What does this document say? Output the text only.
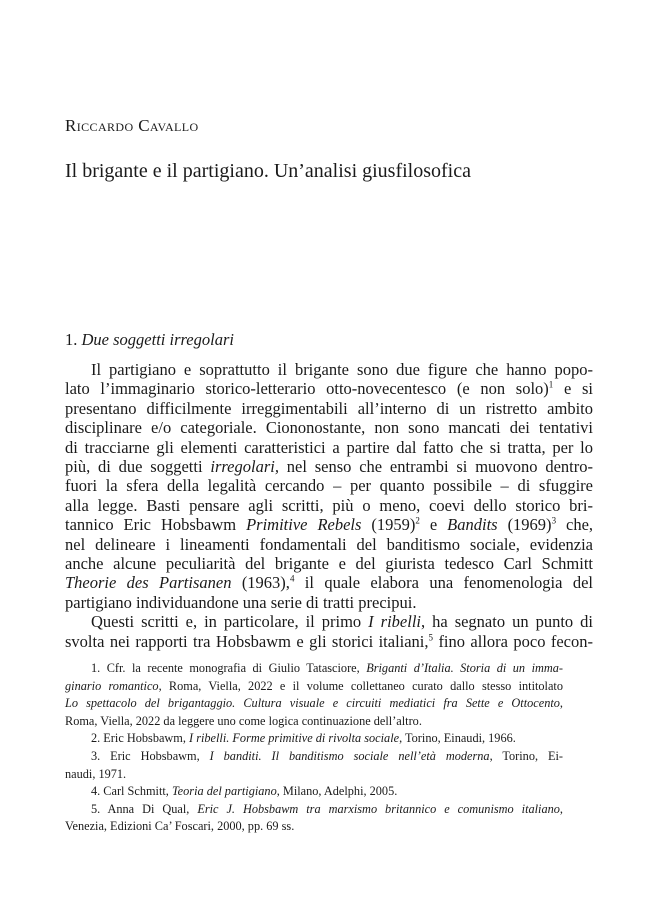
Riccardo Cavallo
Il brigante e il partigiano. Un’analisi giusfilosofica
1. Due soggetti irregolari
Il partigiano e soprattutto il brigante sono due figure che hanno popo-
lato l’immaginario storico-letterario otto-novecentesco (e non solo)$^1$ e si
presentano difficilmente irreggimentabili all’interno di un ristretto ambito
disciplinare e/o categoriale. Ciononostante, non sono mancati dei tentativi
di tracciarne gli elementi caratteristici a partire dal fatto che si tratta, per lo
più, di due soggetti irregolari, nel senso che entrambi si muovono dentro-
fuori la sfera della legalità cercando – per quanto possibile – di sfuggire
alla legge. Basti pensare agli scritti, più o meno, coevi dello storico bri-
tannico Eric Hobsbawm Primitive Rebels $(1959)^2$ e Bandits $(1969)^3$ che,
nel delineare i lineamenti fondamentali del banditismo sociale, evidenzia
anche alcune peculiarità del brigante e del giurista tedesco Carl Schmitt
Theorie des Partisanen (1963),$^4$ il quale elabora una fenomenologia del
partigiano individuandone una serie di tratti precipui.
Questi scritti e, in particolare, il primo I ribelli, ha segnato un punto di
svolta nei rapporti tra Hobsbawm e gli storici italiani,$^5$ fino allora poco fecon-
1. Cfr. la recente monografia di Giulio Tatasciore, Briganti d’Italia. Storia di un imma-
ginario romantico, Roma, Viella, 2022 e il volume collettaneo curato dallo stesso intitolato
Lo spettacolo del brigantaggio. Cultura visuale e circuiti mediatici fra Sette e Ottocento,
Roma, Viella, 2022 da leggere uno come logica continuazione dell’altro.
2. Eric Hobsbawm, I ribelli. Forme primitive di rivolta sociale, Torino, Einaudi, 1966.
3. Eric Hobsbawm, I banditi. Il banditismo sociale nell’età moderna, Torino, Ei-
naudi, 1971.
4. Carl Schmitt, Teoria del partigiano, Milano, Adelphi, 2005.
5. Anna Di Qual, Eric J. Hobsbawm tra marxismo britannico e comunismo italiano,
Venezia, Edizioni Ca’ Foscari, 2000, pp. 69 ss.
